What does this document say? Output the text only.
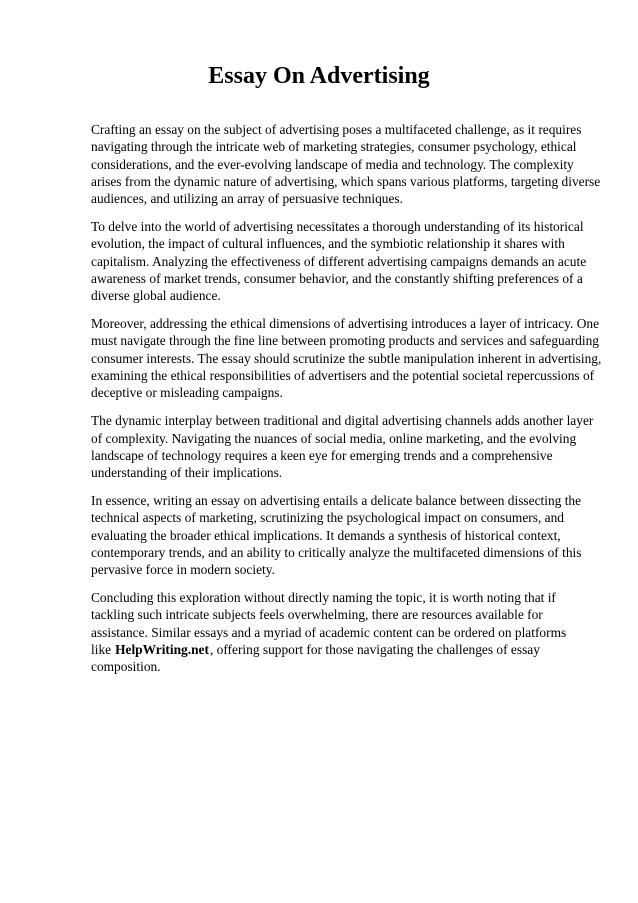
Essay On Advertising

Crafting an essay on the subject of advertising poses a multifaceted challenge, as it requires navigating through the intricate web of marketing strategies, consumer psychology, ethical considerations, and the ever-evolving landscape of media and technology. The complexity arises from the dynamic nature of advertising, which spans various platforms, targeting diverse audiences, and utilizing an array of persuasive techniques.

To delve into the world of advertising necessitates a thorough understanding of its historical evolution, the impact of cultural influences, and the symbiotic relationship it shares with capitalism. Analyzing the effectiveness of different advertising campaigns demands an acute awareness of market trends, consumer behavior, and the constantly shifting preferences of a diverse global audience.

Moreover, addressing the ethical dimensions of advertising introduces a layer of intricacy. One must navigate through the fine line between promoting products and services and safeguarding consumer interests. The essay should scrutinize the subtle manipulation inherent in advertising, examining the ethical responsibilities of advertisers and the potential societal repercussions of deceptive or misleading campaigns.

The dynamic interplay between traditional and digital advertising channels adds another layer of complexity. Navigating the nuances of social media, online marketing, and the evolving landscape of technology requires a keen eye for emerging trends and a comprehensive understanding of their implications.

In essence, writing an essay on advertising entails a delicate balance between dissecting the technical aspects of marketing, scrutinizing the psychological impact on consumers, and evaluating the broader ethical implications. It demands a synthesis of historical context, contemporary trends, and an ability to critically analyze the multifaceted dimensions of this pervasive force in modern society.

Concluding this exploration without directly naming the topic, it is worth noting that if tackling such intricate subjects feels overwhelming, there are resources available for assistance. Similar essays and a myriad of academic content can be ordered on platforms like HelpWriting.net, offering support for those navigating the challenges of essay composition.
